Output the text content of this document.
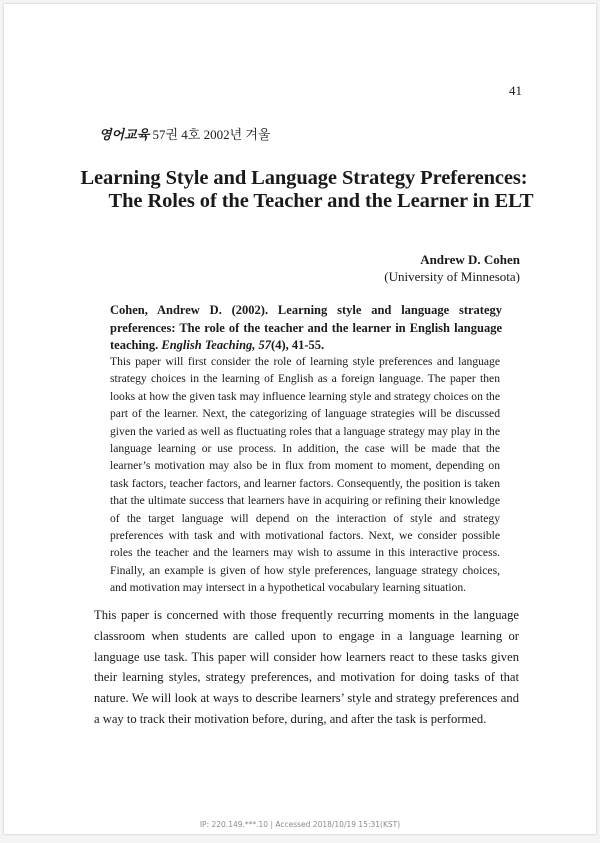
41
영어교육 57권 4호 2002년 겨울
Learning Style and Language Strategy Preferences:
The Roles of the Teacher and the Learner in ELT
Andrew D. Cohen
(University of Minnesota)
Cohen, Andrew D. (2002). Learning style and language strategy preferences: The role of the teacher and the learner in English language teaching. English Teaching, 57(4), 41-55.
This paper will first consider the role of learning style preferences and language strategy choices in the learning of English as a foreign language. The paper then looks at how the given task may influence learning style and strategy choices on the part of the learner. Next, the categorizing of language strategies will be discussed given the varied as well as fluctuating roles that a language strategy may play in the language learning or use process. In addition, the case will be made that the learner’s motivation may also be in flux from moment to moment, depending on task factors, teacher factors, and learner factors. Consequently, the position is taken that the ultimate success that learners have in acquiring or refining their knowledge of the target language will depend on the interaction of style and strategy preferences with task and with motivational factors. Next, we consider possible roles the teacher and the learners may wish to assume in this interactive process. Finally, an example is given of how style preferences, language strategy choices, and motivation may intersect in a hypothetical vocabulary learning situation.
This paper is concerned with those frequently recurring moments in the language classroom when students are called upon to engage in a language learning or language use task. This paper will consider how learners react to these tasks given their learning styles, strategy preferences, and motivation for doing tasks of that nature. We will look at ways to describe learners’ style and strategy preferences and a way to track their motivation before, during, and after the task is performed.
IP: 220.149.***.10 | Accessed 2018/10/19 15:31(KST)
